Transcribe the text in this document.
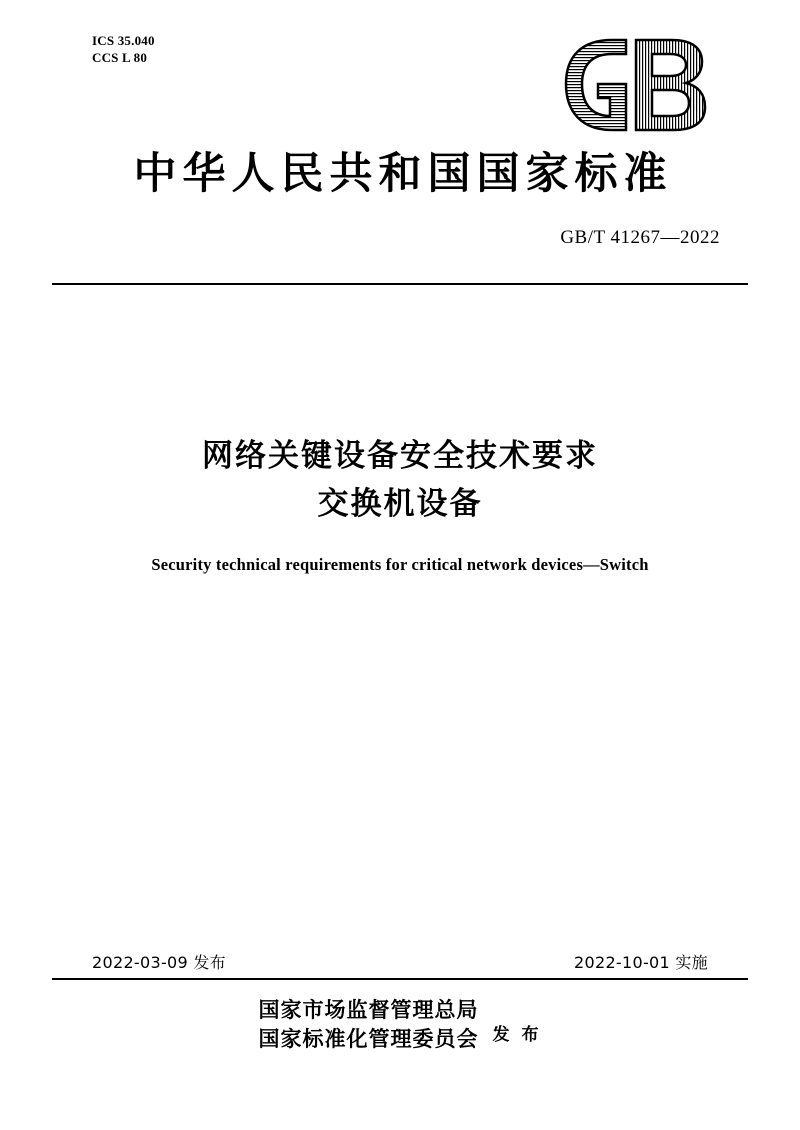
ICS 35.040
CCS L 80
中华人民共和国国家标准
GB/T 41267—2022
网络关键设备安全技术要求
交换机设备
Security technical requirements for critical network devices—Switch
2022-03-09 发布	2022-10-01 实施
国家市场监督管理总局
国家标准化管理委员会 发 布
